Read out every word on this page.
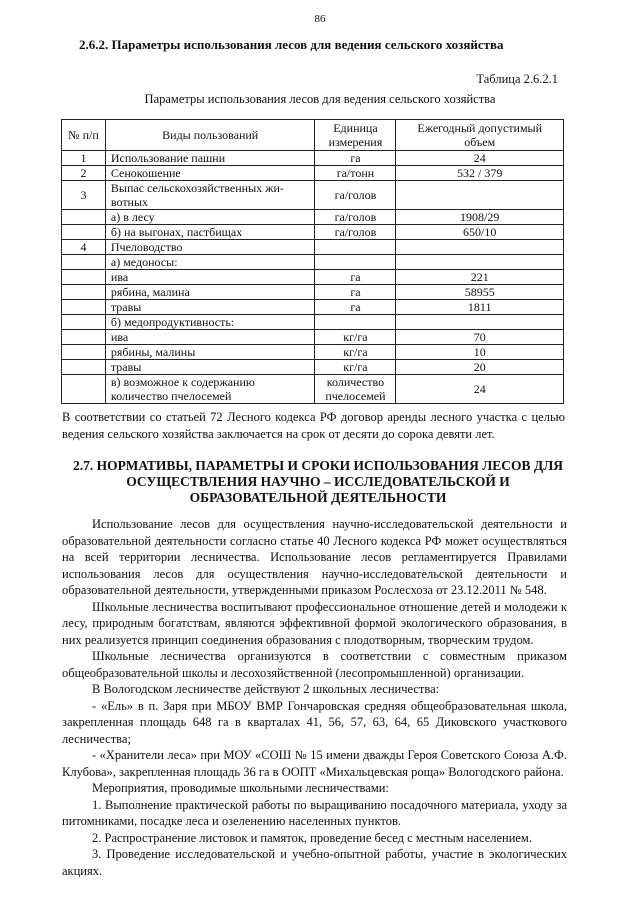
86
2.6.2. Параметры использования лесов для ведения сельского хозяйства
Таблица 2.6.2.1
Параметры использования лесов для ведения сельского хозяйства
№ п/п	Виды пользований	Единица измерения	Ежегодный допустимый объем
1	Использование пашни	га	24
2	Сенокошение	га/тонн	532 / 379
3	Выпас сельскохозяйственных жи-вотных	га/голов	
	а) в лесу	га/голов	1908/29
	б) на выгонах, пастбищах	га/голов	650/10
4	Пчеловодство		
	а) медоносы:		
	ива	га	221
	рябина, малина	га	58955
	травы	га	1811
	б) медопродуктивность:		
	ива	кг/га	70
	рябины, малины	кг/га	10
	травы	кг/га	20
	в) возможное к содержанию количество пчелосемей	количество пчелосемей	24
В соответствии со статьей 72 Лесного кодекса РФ договор аренды лесного участка с целью ведения сельского хозяйства заключается на срок от десяти до сорока девяти лет.
2.7. НОРМАТИВЫ, ПАРАМЕТРЫ И СРОКИ ИСПОЛЬЗОВАНИЯ ЛЕСОВ ДЛЯ ОСУЩЕСТВЛЕНИЯ НАУЧНО – ИССЛЕДОВАТЕЛЬСКОЙ И ОБРАЗОВАТЕЛЬНОЙ ДЕЯТЕЛЬНОСТИ

Использование лесов для осуществления научно-исследовательской деятельности и образовательной деятельности согласно статье 40 Лесного кодекса РФ может осуществляться на всей территории лесничества. Использование лесов регламентируется Правилами использования лесов для осуществления научно-исследовательской деятельности и образовательной деятельности, утвержденными приказом Рослесхоза от 23.12.2011 № 548.

Школьные лесничества воспитывают профессиональное отношение детей и молодежи к лесу, природным богатствам, являются эффективной формой экологического образования, в них реализуется принцип соединения образования с плодотворным, творческим трудом.

Школьные лесничества организуются в соответствии с совместным приказом общеобразовательной школы и лесохозяйственной (лесопромышленной) организации.

В Вологодском лесничестве действуют 2 школьных лесничества:

- «Ель» в п. Заря при МБОУ ВМР Гончаровская средняя общеобразовательная школа, закрепленная площадь 648 га в кварталах 41, 56, 57, 63, 64, 65 Диковского участкового лесничества;

- «Хранители леса» при МОУ «СОШ № 15 имени дважды Героя Советского Союза А.Ф. Клубова», закрепленная площадь 36 га в ООПТ «Михальцевская роща» Вологодского района.

Мероприятия, проводимые школьными лесничествами:

1. Выполнение практической работы по выращиванию посадочного материала, уходу за питомниками, посадке леса и озеленению населенных пунктов.

2. Распространение листовок и памяток, проведение бесед с местным населением.

3. Проведение исследовательской и учебно-опытной работы, участие в экологических акциях.
